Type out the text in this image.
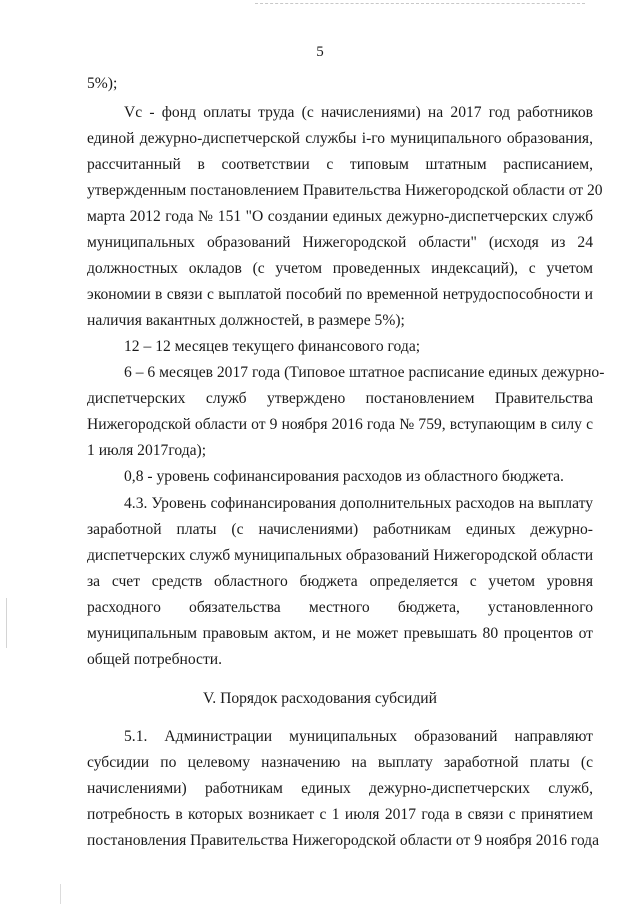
5
5%);
Vс - фонд оплаты труда (с начислениями) на 2017 год работников
единой дежурно-диспетчерской службы i-го муниципального образования,
рассчитанный в соответствии с типовым штатным расписанием,
утвержденным постановлением Правительства Нижегородской области от 20
марта 2012 года № 151 "О создании единых дежурно-диспетчерских служб
муниципальных образований Нижегородской области" (исходя из 24
должностных окладов (с учетом проведенных индексаций), с учетом
экономии в связи с выплатой пособий по временной нетрудоспособности и
наличия вакантных должностей, в размере 5%);
12 – 12 месяцев текущего финансового года;
6 – 6 месяцев 2017 года (Типовое штатное расписание единых дежурно-
диспетчерских служб утверждено постановлением Правительства
Нижегородской области от 9 ноября 2016 года № 759, вступающим в силу с
1 июля 2017года);
0,8 - уровень софинансирования расходов из областного бюджета.
4.3. Уровень софинансирования дополнительных расходов на выплату
заработной платы (с начислениями) работникам единых дежурно-
диспетчерских служб муниципальных образований Нижегородской области
за счет средств областного бюджета определяется с учетом уровня
расходного обязательства местного бюджета, установленного
муниципальным правовым актом, и не может превышать 80 процентов от
общей потребности.
V. Порядок расходования субсидий
5.1. Администрации муниципальных образований направляют
субсидии по целевому назначению на выплату заработной платы (с
начислениями) работникам единых дежурно-диспетчерских служб,
потребность в которых возникает с 1 июля 2017 года в связи с принятием
постановления Правительства Нижегородской области от 9 ноября 2016 года
